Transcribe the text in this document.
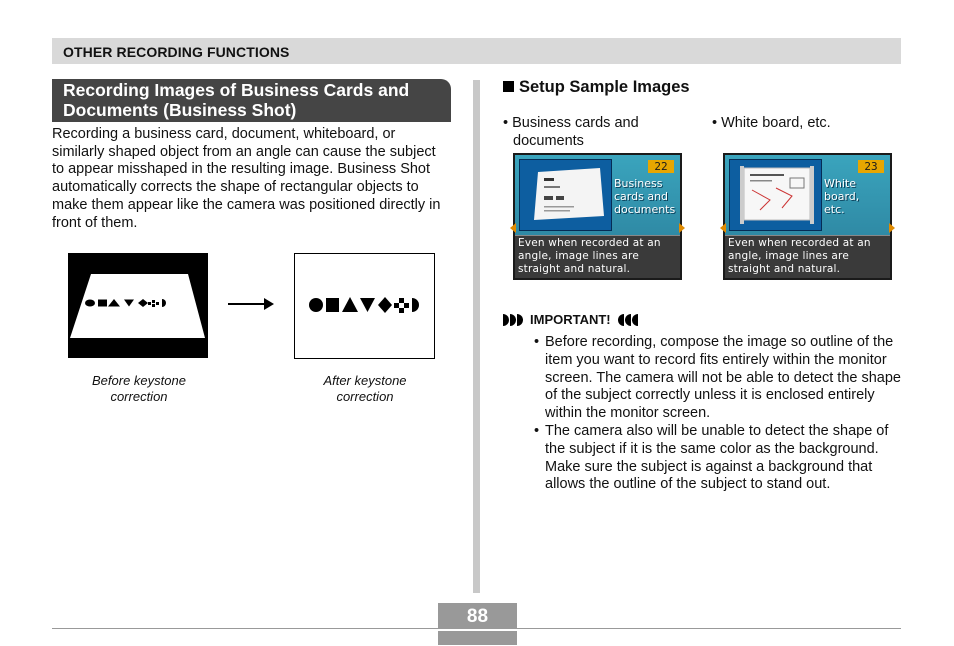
OTHER RECORDING FUNCTIONS
Recording Images of Business Cards and
Documents (Business Shot)

Recording a business card, document, whiteboard, or similarly shaped object from an angle can cause the subject to appear misshaped in the resulting image. Business Shot automatically corrects the shape of rectangular objects to make them appear like the camera was positioned directly in front of them.

Before keystone
correction
After keystone
correction
Setup Sample Images
• Business cards and
documents
• White board, etc.
22
Business
cards and
documents
Even when recorded at an
angle, image lines are
straight and natural.
23
White
board,
etc.
Even when recorded at an
angle, image lines are
straight and natural.
IMPORTANT!
• Before recording, compose the image so outline of the item you want to record fits entirely within the monitor screen. The camera will not be able to detect the shape of the subject correctly unless it is enclosed entirely within the monitor screen.
• The camera also will be unable to detect the shape of the subject if it is the same color as the background. Make sure the subject is against a background that allows the outline of the subject to stand out.
88
